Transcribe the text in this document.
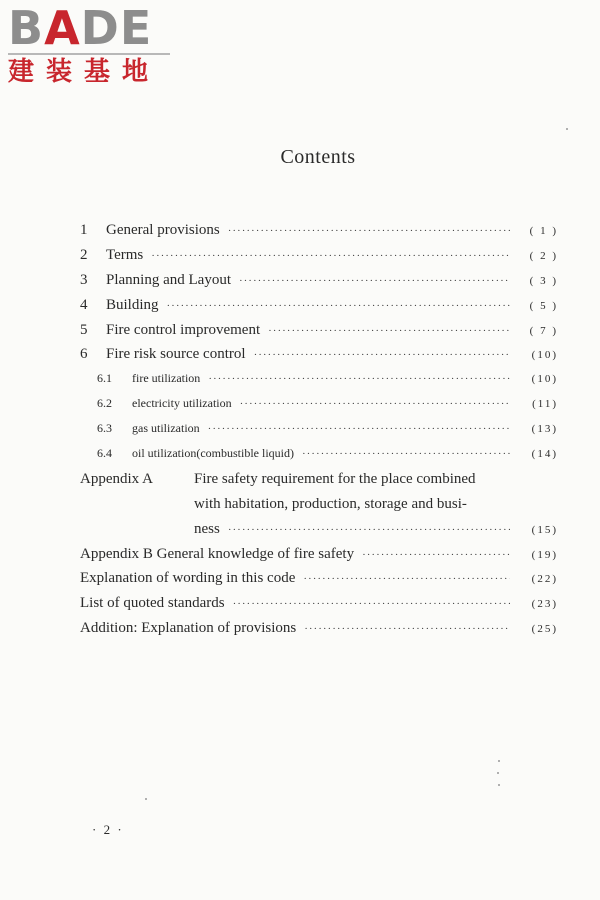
BADE
建装基地
Contents
1	General provisions ·····	( 1 )
2	Terms ·····	( 2 )
3	Planning and Layout ·····	( 3 )
4	Building ·····	( 5 )
5	Fire control improvement ·····	( 7 )
6	Fire risk source control ·····	(10)
6.1	fire utilization ·····	(10)
6.2	electricity utilization ·····	(11)
6.3	gas utilization ·····	(13)
6.4	oil utilization(combustible liquid) ·····	(14)
Appendix A	Fire safety requirement for the place combined
with habitation, production, storage and busi-
ness ·····	(15)
Appendix B General knowledge of fire safety ·····	(19)
Explanation of wording in this code ·····	(22)
List of quoted standards ·····	(23)
Addition: Explanation of provisions ·····	(25)
· 2 ·
